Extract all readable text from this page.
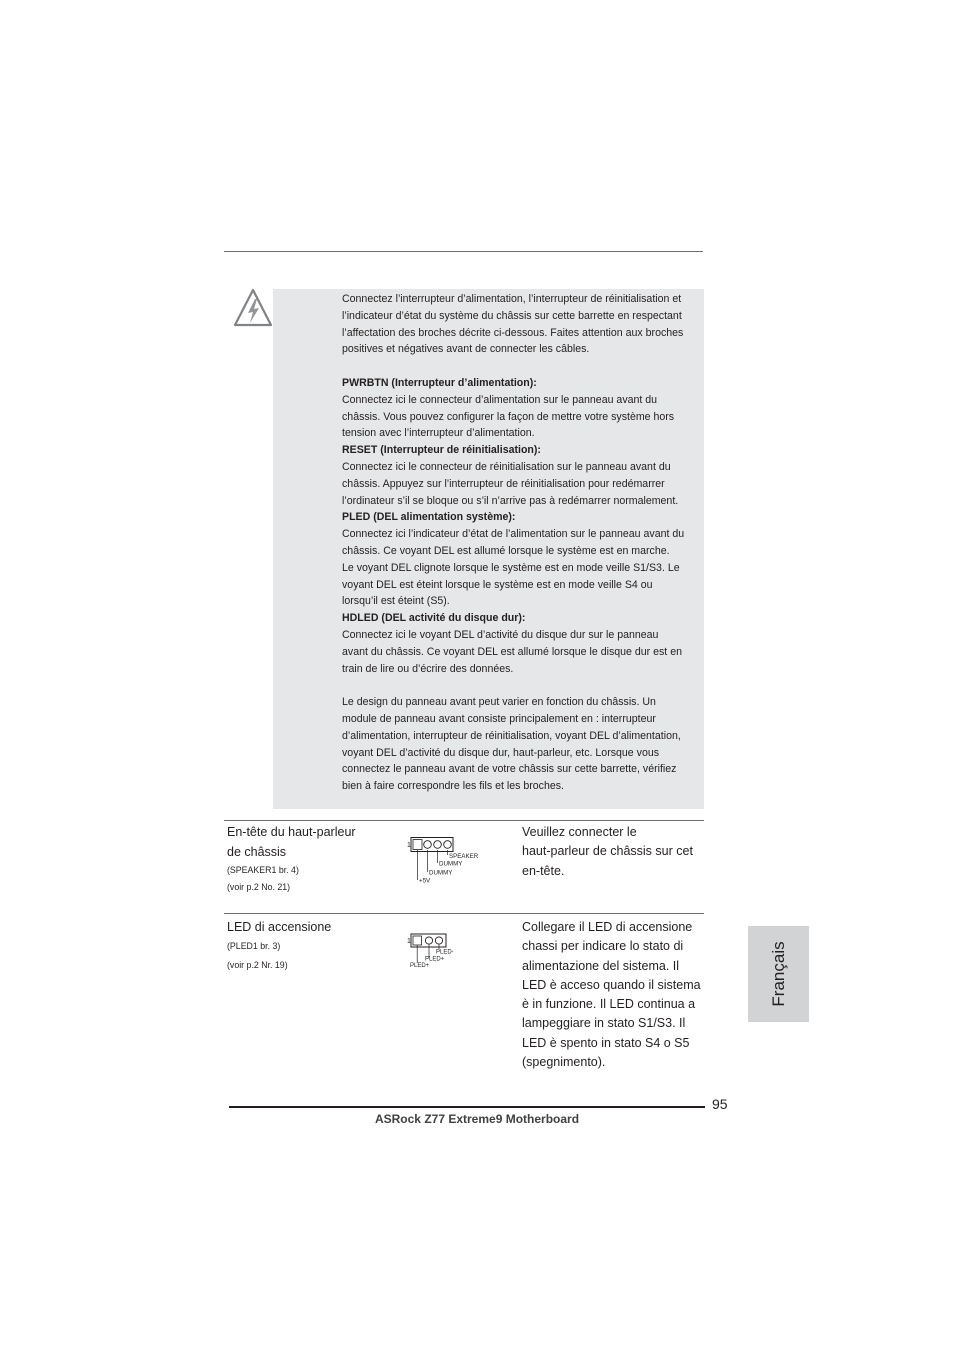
Connectez l’interrupteur d’alimentation, l’interrupteur de réinitialisation et

l’indicateur d’état du système du châssis sur cette barrette en respectant

l’affectation des broches décrite ci-dessous. Faites attention aux broches

positives et négatives avant de connecter les câbles.

PWRBTN (Interrupteur d’alimentation):

Connectez ici le connecteur d’alimentation sur le panneau avant du

châssis. Vous pouvez configurer la façon de mettre votre système hors

tension avec l’interrupteur d’alimentation.

RESET (Interrupteur de réinitialisation):

Connectez ici le connecteur de réinitialisation sur le panneau avant du

châssis. Appuyez sur l’interrupteur de réinitialisation pour redémarrer

l’ordinateur s’il se bloque ou s’il n’arrive pas à redémarrer normalement.

PLED (DEL alimentation système):

Connectez ici l’indicateur d’état de l’alimentation sur le panneau avant du

châssis. Ce voyant DEL est allumé lorsque le système est en marche.

Le voyant DEL clignote lorsque le système est en mode veille S1/S3. Le

voyant DEL est éteint lorsque le système est en mode veille S4 ou

lorsqu’il est éteint (S5).

HDLED (DEL activité du disque dur):

Connectez ici le voyant DEL d’activité du disque dur sur le panneau

avant du châssis. Ce voyant DEL est allumé lorsque le disque dur est en

train de lire ou d’écrire des données.

Le design du panneau avant peut varier en fonction du châssis. Un

module de panneau avant consiste principalement en : interrupteur

d’alimentation, interrupteur de réinitialisation, voyant DEL d’alimentation,

voyant DEL d’activité du disque dur, haut-parleur, etc. Lorsque vous

connectez le panneau avant de votre châssis sur cette barrette, vérifiez

bien à faire correspondre les fils et les broches.

En-tête du haut-parleur
de châssis
(SPEAKER1 br. 4)
(voir p.2 No. 21)
1
SPEAKER
DUMMY
DUMMY
+5V
Veuillez connecter le
haut-parleur de châssis sur cet
en-tête.
LED di accensione
(PLED1 br. 3)
(voir p.2 Nr. 19)
1
PLED-
PLED+
PLED+
Collegare il LED di accensione
chassi per indicare lo stato di
alimentazione del sistema. Il
LED è acceso quando il sistema
è in funzione. Il LED continua a
lampeggiare in stato S1/S3. Il
LED è spento in stato S4 o S5
(spegnimento).
Français
95
ASRock Z77 Extreme9 Motherboard
